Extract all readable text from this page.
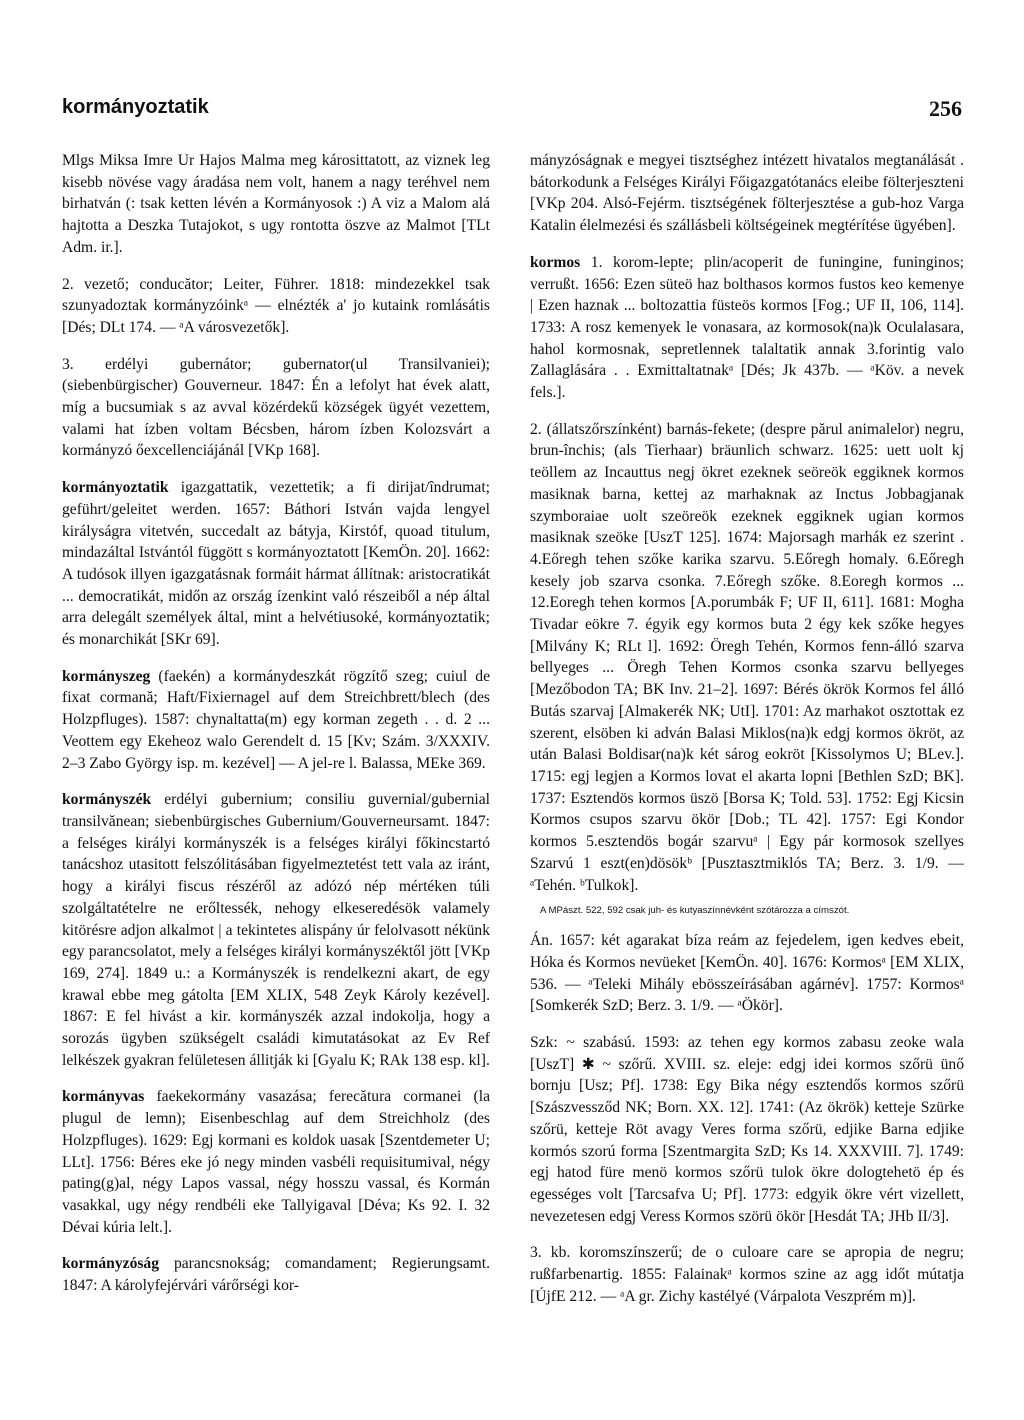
kormányoztatik	256

Mlgs Miksa Imre Ur Hajos Malma meg károsittatott, az viznek leg kisebb növése vagy áradása nem volt, hanem a nagy teréhvel nem birhatván (: tsak ketten lévén a Kormányosok :) A viz a Malom alá hajtotta a Deszka Tutajokot, s ugy rontotta öszve az Malmot [TLt Adm. ir.].

2. vezető; conducător; Leiter, Führer. 1818: mindezekkel tsak szunyadoztak kormányzóinkᵃ — elnézték a' jo kutaink romlásátis [Dés; DLt 174. — ᵃA városvezetők].

3. erdélyi gubernátor; gubernator(ul Transilvaniei); (siebenbürgischer) Gouverneur. 1847: Én a lefolyt hat évek alatt, míg a bucsumiak s az avval közérdekű községek ügyét vezettem, valami hat ízben voltam Bécsben, három ízben Kolozsvárt a kormányzó őexcellenciájánál [VKp 168].

kormányoztatik igazgattatik, vezettetik; a fi dirijat/îndrumat; geführt/geleitet werden. 1657: Báthori István vajda lengyel királyságra vitetvén, succedalt az bátyja, Kirstóf, quoad titulum, mindazáltal Istvántól függött s kormányoztatott [KemÖn. 20]. 1662: A tudósok illyen igazgatásnak formáit hármat állítnak: aristocratikát ... democratikát, midőn az ország ízenkint való részeiből a nép által arra delegált személyek által, mint a helvétiusoké, kormányoztatik; és monarchikát [SKr 69].

kormányszeg (faekén) a kormánydeszkát rögzítő szeg; cuiul de fixat cormană; Haft/Fixiernagel auf dem Streichbrett/blech (des Holzpfluges). 1587: chynaltatta(m) egy korman zegeth . . d. 2 ... Veottem egy Ekeheoz walo Gerendelt d. 15 [Kv; Szám. 3/XXXIV. 2–3 Zabo György isp. m. kezével] — A jel-re l. Balassa, MEke 369.

kormányszék erdélyi gubernium; consiliu guvernial/gubernial transilvănean; siebenbürgisches Gubernium/Gouverneursamt. 1847: a felséges királyi kormányszék is a felséges királyi főkincstartó tanácshoz utasitott felszólitásában figyelmeztetést tett vala az iránt, hogy a királyi fiscus részéről az adózó nép mértéken túli szolgáltatételre ne erőltessék, nehogy elkeseredésök valamely kitörésre adjon alkalmot | a tekintetes alispány úr felolvasott nékünk egy parancsolatot, mely a felséges királyi kormányszéktől jött [VKp 169, 274]. 1849 u.: a Kormányszék is rendelkezni akart, de egy krawal ebbe meg gátolta [EM XLIX, 548 Zeyk Károly kezével]. 1867: E fel hivást a kir. kormányszék azzal indokolja, hogy a sorozás ügyben szükségelt családi kimutatásokat az Ev Ref lelkészek gyakran felületesen állitják ki [Gyalu K; RAk 138 esp. kl].

kormányvas faekekormány vasazása; ferecătura cormanei (la plugul de lemn); Eisenbeschlag auf dem Streichholz (des Holzpfluges). 1629: Egj kormani es koldok uasak [Szentdemeter U; LLt]. 1756: Béres eke jó negy minden vasbéli requisitumival, négy pating(g)al, négy Lapos vassal, négy hosszu vassal, és Kormán vasakkal, ugy négy rendbéli eke Tallyigaval [Déva; Ks 92. I. 32 Dévai kúria lelt.].

kormányzóság parancsnokság; comandament; Regierungsamt. 1847: A károlyfejérvári várőrségi kor-

mányzóságnak e megyei tisztséghez intézett hivatalos megtanálását . bátorkodunk a Felséges Királyi Főigazgatótanács eleibe fölterjeszteni [VKp 204. Alsó-Fejérm. tisztségének fölterjesztése a gub-hoz Varga Katalin élelmezési és szállásbeli költségeinek megtérítése ügyében].

kormos 1. korom-lepte; plin/acoperit de funingine, funinginos; verrußt. 1656: Ezen süteö haz bolthasos kormos fustos keo kemenye | Ezen haznak ... boltozattia füsteös kormos [Fog.; UF II, 106, 114]. 1733: A rosz kemenyek le vonasara, az kormosok(na)k Oculalasara, hahol kormosnak, sepretlennek talaltatik annak 3.forintig valo Zallaglására . . Exmittaltatnakᵃ [Dés; Jk 437b. — ᵃKöv. a nevek fels.].

2. (állatszőrszínként) barnás-fekete; (despre părul animalelor) negru, brun-închis; (als Tierhaar) bräunlich schwarz. 1625: uett uolt kj teöllem az Incauttus negj ökret ezeknek seöreök eggiknek kormos masiknak barna, kettej az marhaknak az Inctus Jobbagjanak szymboraiae uolt szeöreök ezeknek eggiknek ugian kormos masiknak szeöke [UszT 125]. 1674: Majorsagh marhák ez szerint . 4.Eőregh tehen szőke karika szarvu. 5.Eőregh homaly. 6.Eőregh kesely job szarva csonka. 7.Eőregh szőke. 8.Eoregh kormos ... 12.Eoregh tehen kormos [A.porumbák F; UF II, 611]. 1681: Mogha Tivadar eökre 7. égyik egy kormos buta 2 égy kek szőke hegyes [Milvány K; RLt l]. 1692: Öregh Tehén, Kormos fenn-álló szarva bellyeges ... Öregh Tehen Kormos csonka szarvu bellyeges [Mezőbodon TA; BK Inv. 21–2]. 1697: Bérés ökrök Kormos fel álló Butás szarvaj [Almakerék NK; UtI]. 1701: Az marhakot osztottak ez szerent, elsöben ki adván Balasi Miklos(na)k edgj kormos ökröt, az után Balasi Boldisar(na)k két sárog eokröt [Kissolymos U; BLev.]. 1715: egj legjen a Kormos lovat el akarta lopni [Bethlen SzD; BK]. 1737: Esztendös kormos üszö [Borsa K; Told. 53]. 1752: Egj Kicsin Kormos csupos szarvu ökör [Dob.; TL 42]. 1757: Egi Kondor kormos 5.esztendös bogár szarvuᵃ | Egy pár kormosok szellyes Szarvú 1 eszt(en)dösökᵇ [Pusztasztmiklós TA; Berz. 3. 1/9. — ᵃTehén. ᵇTulkok].

A MPászt. 522, 592 csak juh- és kutyaszínnévként szótározza a címszót.

Án. 1657: két agarakat bíza reám az fejedelem, igen kedves ebeit, Hóka és Kormos nevüeket [KemÖn. 40]. 1676: Kormosᵃ [EM XLIX, 536. — ᵃTeleki Mihály ebösszeírásában agárnév]. 1757: Kormosᵃ [Somkerék SzD; Berz. 3. 1/9. — ᵃÖkör].

Szk: ~ szabású. 1593: az tehen egy kormos zabasu zeoke wala [UszT] ✱ ~ szőrű. XVIII. sz. eleje: edgj idei kormos szőrü ünő bornju [Usz; Pf]. 1738: Egy Bika négy esztendős kormos szőrü [Szászvessződ NK; Born. XX. 12]. 1741: (Az ökrök) ketteje Szürke szőrü, ketteje Röt avagy Veres forma szőrü, edjike Barna edjike kormós szorú forma [Szentmargita SzD; Ks 14. XXXVIII. 7]. 1749: egj hatod füre menö kormos szőrü tulok ökre dologtehetö ép és egességes volt [Tarcsafva U; Pf]. 1773: edgyik ökre vért vizellett, nevezetesen edgj Veress Kormos szörü ökör [Hesdát TA; JHb II/3].

3. kb. koromszínszerű; de o culoare care se apropia de negru; rußfarbenartig. 1855: Falainakᵃ kormos szine az agg időt mútatja [ÚjfE 212. — ᵃA gr. Zichy kastélyé (Várpalota Veszprém m)].
